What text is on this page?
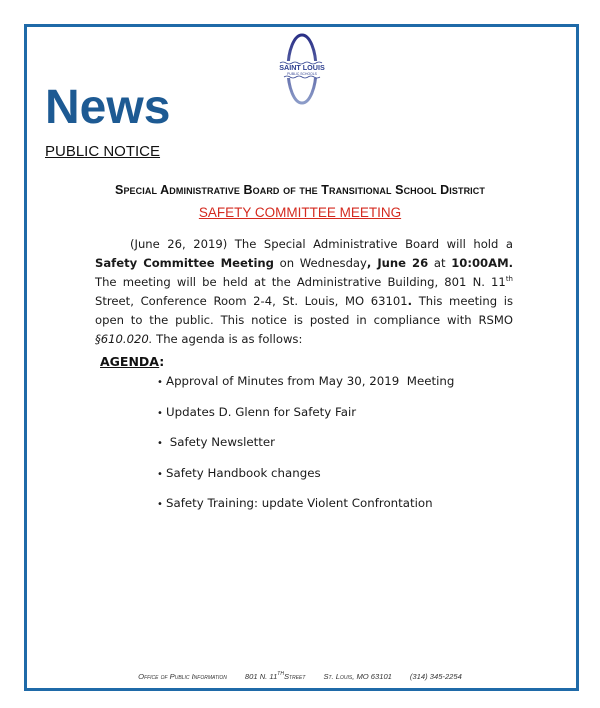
SAINT LOUIS
PUBLIC SCHOOLS
News
PUBLIC NOTICE
Special Administrative Board of the Transitional School District
SAFETY COMMITTEE MEETING
(June 26, 2019) The Special Administrative Board will hold a Safety Committee Meeting on Wednesday, June 26 at 10:00AM. The meeting will be held at the Administrative Building, 801 N. 11th Street, Conference Room 2-4, St. Louis, MO 63101. This meeting is open to the public. This notice is posted in compliance with RSMO §610.020. The agenda is as follows:
AGENDA:
• Approval of Minutes from May 30, 2019  Meeting
• Updates D. Glenn for Safety Fair
• Safety Newsletter
• Safety Handbook changes
• Safety Training: update Violent Confrontation
Office of Public Information 801 N. 11THStreet St. Louis, MO 63101 (314) 345-2254
